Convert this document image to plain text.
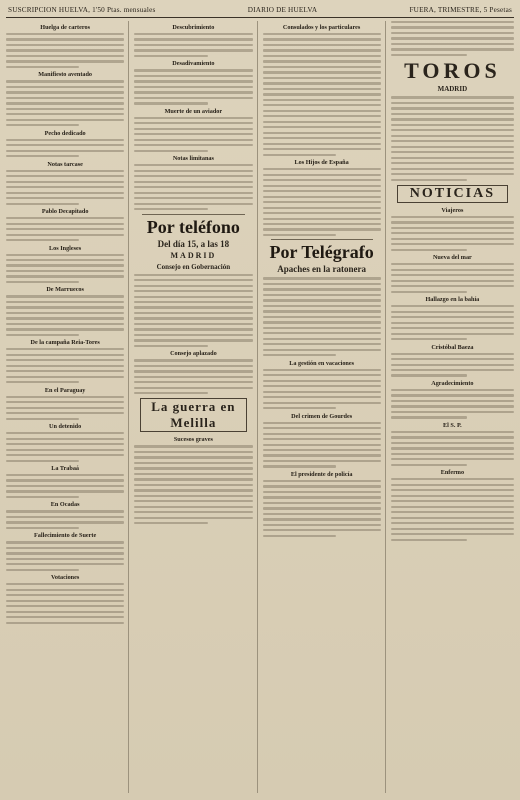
SUSCRIPCION HUELVA, 1'50 Ptas. mensuales	DIARIO DE HUELVA	FUERA, TRIMESTRE, 5 Pesetas
Huelga de carteros
Manifiesto aventado
Pecho dedicado
Notas tarcase
Pablo Decapitado
Los Ingleses
De Marruecos
De la campaña Reia-Tores
En el Paraguay
Un detenido
La Trabaá
En Ocadas
Fallecimiento de Suerte
Votaciones
Descubrimiento
Desadivamiento
Muerte de un aviador
Notas limitanas
Por teléfono
Del día 15, a las 18
MADRID
Consejo en Gobernación
Consejo aplazado
La guerra en Melilla
Sucesos graves
Consulados y los particulares
Los Hijos de España
Por Telégrafo
Apaches en la ratonera
La gestión en vacaciones
Del crimen de Gourdes
El presidente de policía
TOROS
MADRID
NOTICIAS
Viajeros
Nueva del mar
Hallazgo en la bahía
Cristóbal Baeza
Agradecimiento
El S. P.
Enfermo
